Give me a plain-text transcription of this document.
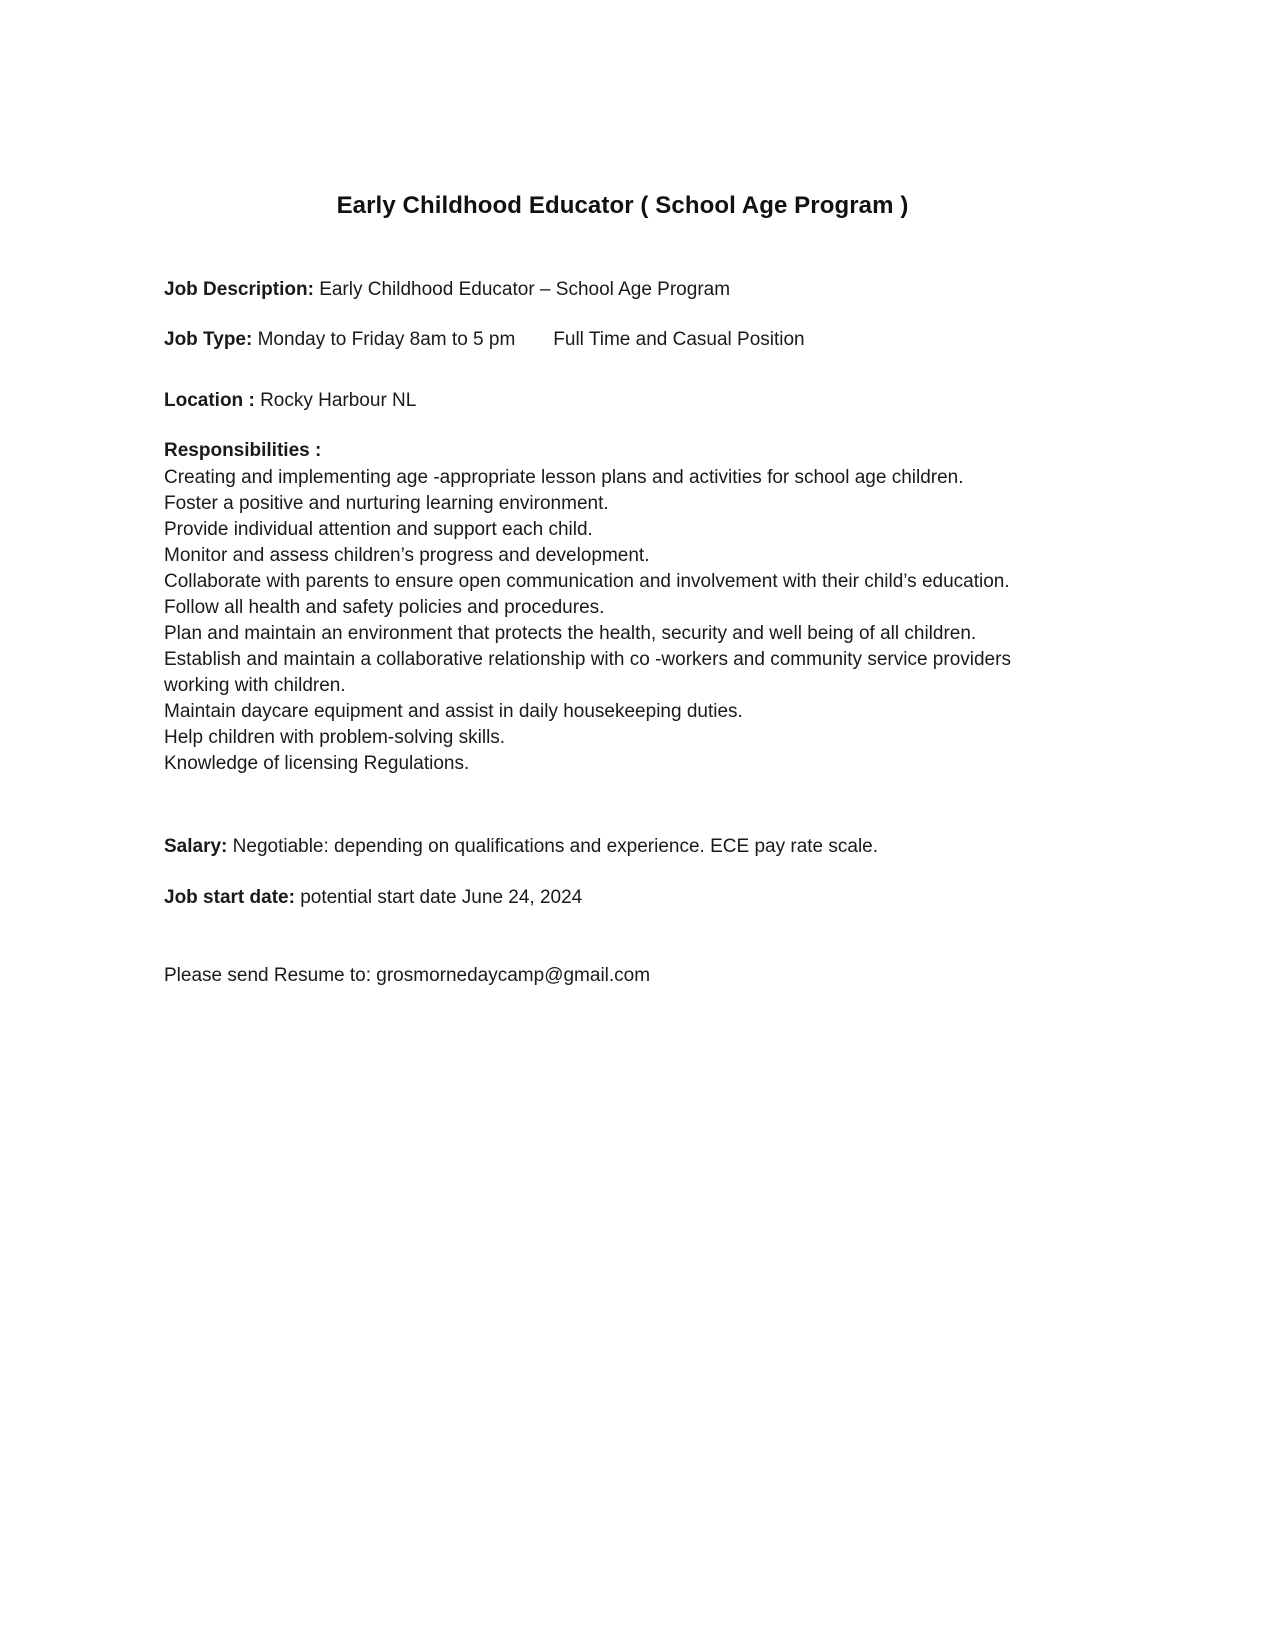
Early Childhood Educator ( School Age Program )
Job Description: Early Childhood Educator – School Age Program
Job Type: Monday to Friday 8am to 5 pm Full Time and Casual Position
Location : Rocky Harbour NL
Responsibilities :
Creating and implementing age -appropriate lesson plans and activities for school age children.
Foster a positive and nurturing learning environment.
Provide individual attention and support each child.
Monitor and assess children’s progress and development.
Collaborate with parents to ensure open communication and involvement with their child’s education.
Follow all health and safety policies and procedures.
Plan and maintain an environment that protects the health, security and well being of all children.
Establish and maintain a collaborative relationship with co -workers and community service providers working with children.
Maintain daycare equipment and assist in daily housekeeping duties.
Help children with problem-solving skills.
Knowledge of licensing Regulations.
Salary: Negotiable: depending on qualifications and experience. ECE pay rate scale.
Job start date: potential start date June 24, 2024
Please send Resume to: grosmornedaycamp@gmail.com
